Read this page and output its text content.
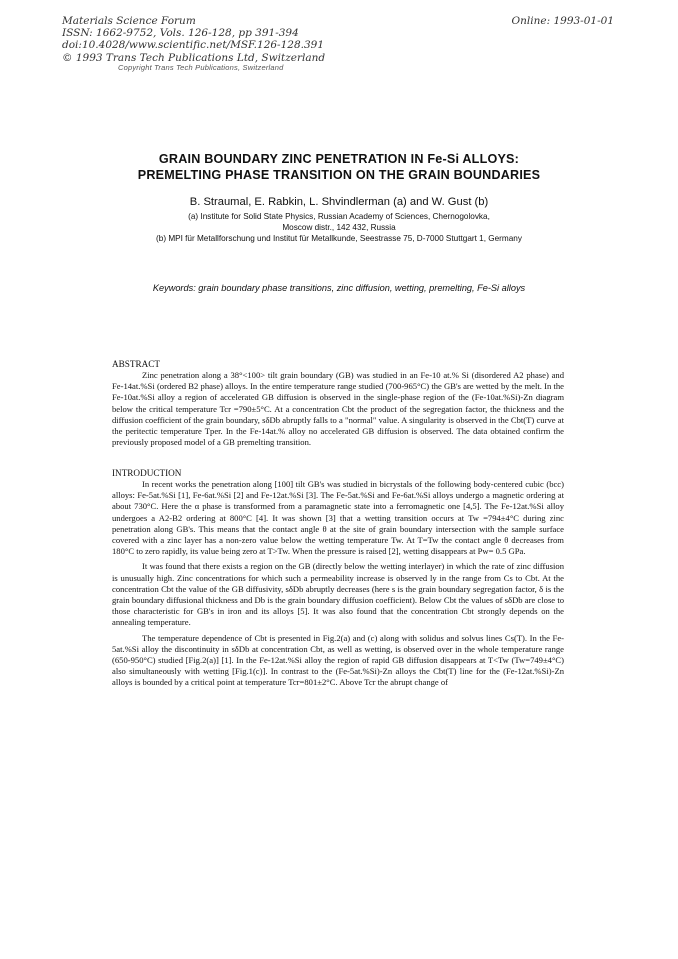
Materials Science Forum
ISSN: 1662-9752, Vols. 126-128, pp 391-394
doi:10.4028/www.scientific.net/MSF.126-128.391
© 1993 Trans Tech Publications Ltd, Switzerland
Online: 1993-01-01
Copyright Trans Tech Publications, Switzerland
GRAIN BOUNDARY ZINC PENETRATION IN Fe-Si ALLOYS:
PREMELTING PHASE TRANSITION ON THE GRAIN BOUNDARIES
B. Straumal, E. Rabkin, L. Shvindlerman (a) and W. Gust (b)
(a) Institute for Solid State Physics, Russian Academy of Sciences, Chernogolovka,
Moscow distr., 142 432, Russia
(b) MPI für Metallforschung und Institut für Metallkunde, Seestrasse 75, D-7000 Stuttgart 1, Germany
Keywords: grain boundary phase transitions, zinc diffusion, wetting, premelting, Fe-Si alloys
ABSTRACT

Zinc penetration along a 38°<100> tilt grain boundary (GB) was studied in an Fe-10 at.% Si (disordered A2 phase) and Fe-14at.%Si (ordered B2 phase) alloys. In the entire temperature range studied (700-965°C) the GB's are wetted by the melt. In the Fe-10at.%Si alloy a region of accelerated GB diffusion is observed in the single-phase region of the (Fe-10at.%Si)-Zn diagram below the critical temperature Tcr =790±5°C. At a concentration Cbt the product of the segregation factor, the thickness and the diffusion coefficient of the grain boundary, sδDb abruptly falls to a "normal" value. A singularity is observed in the Cbt(T) curve at the peritectic temperature Tper. In the Fe-14at.% alloy no accelerated GB diffusion is observed. The data obtained confirm the previously proposed model of a GB premelting transition.

INTRODUCTION

In recent works the penetration along [100] tilt GB's was studied in bicrystals of the following body-centered cubic (bcc) alloys: Fe-5at.%Si [1], Fe-6at.%Si [2] and Fe-12at.%Si [3]. The Fe-5at.%Si and Fe-6at.%Si alloys undergo a magnetic ordering at about 730°C. Here the α phase is transformed from a paramagnetic state into a ferromagnetic one [4,5]. The Fe-12at.%Si alloy undergoes a A2-B2 ordering at 800°C [4]. It was shown [3] that a wetting transition occurs at Tw =794±4°C during zinc penetration along GB's. This means that the contact angle θ at the site of grain boundary intersection with the sample surface covered with a zinc layer has a non-zero value below the wetting temperature Tw. At T=Tw the contact angle θ decreases from 180°C to zero rapidly, its value being zero at T>Tw. When the pressure is raised [2], wetting disappears at Pw= 0.5 GPa.

It was found that there exists a region on the GB (directly below the wetting interlayer) in which the rate of zinc diffusion is unusually high. Zinc concentrations for which such a permeability increase is observed ly in the range from Cs to Cbt. At the concentration Cbt the value of the GB diffusivity, sδDb abruptly decreases (here s is the grain boundary segregation factor, δ is the grain boundary diffusional thickness and Db is the grain boundary diffusion coefficient). Below Cbt the values of sδDb are close to those characteristic for GB's in iron and its alloys [5]. It was also found that the concentration Cbt strongly depends on the annealing temperature.

The temperature dependence of Cbt is presented in Fig.2(a) and (c) along with solidus and solvus lines Cs(T). In the Fe-5at.%Si alloy the discontinuity in sδDb at concentration Cbt, as well as wetting, is observed over in the whole temperature range (650-950°C) studied [Fig.2(a)] [1]. In the Fe-12at.%Si alloy the region of rapid GB diffusion disappears at T<Tw (Tw=749±4°C) also simultaneously with wetting [Fig.1(c)]. In contrast to the (Fe-5at.%Si)-Zn alloys the Cbt(T) line for the (Fe-12at.%Si)-Zn alloys is bounded by a critical point at temperature Tcr=801±2°C. Above Tcr the abrupt change of
